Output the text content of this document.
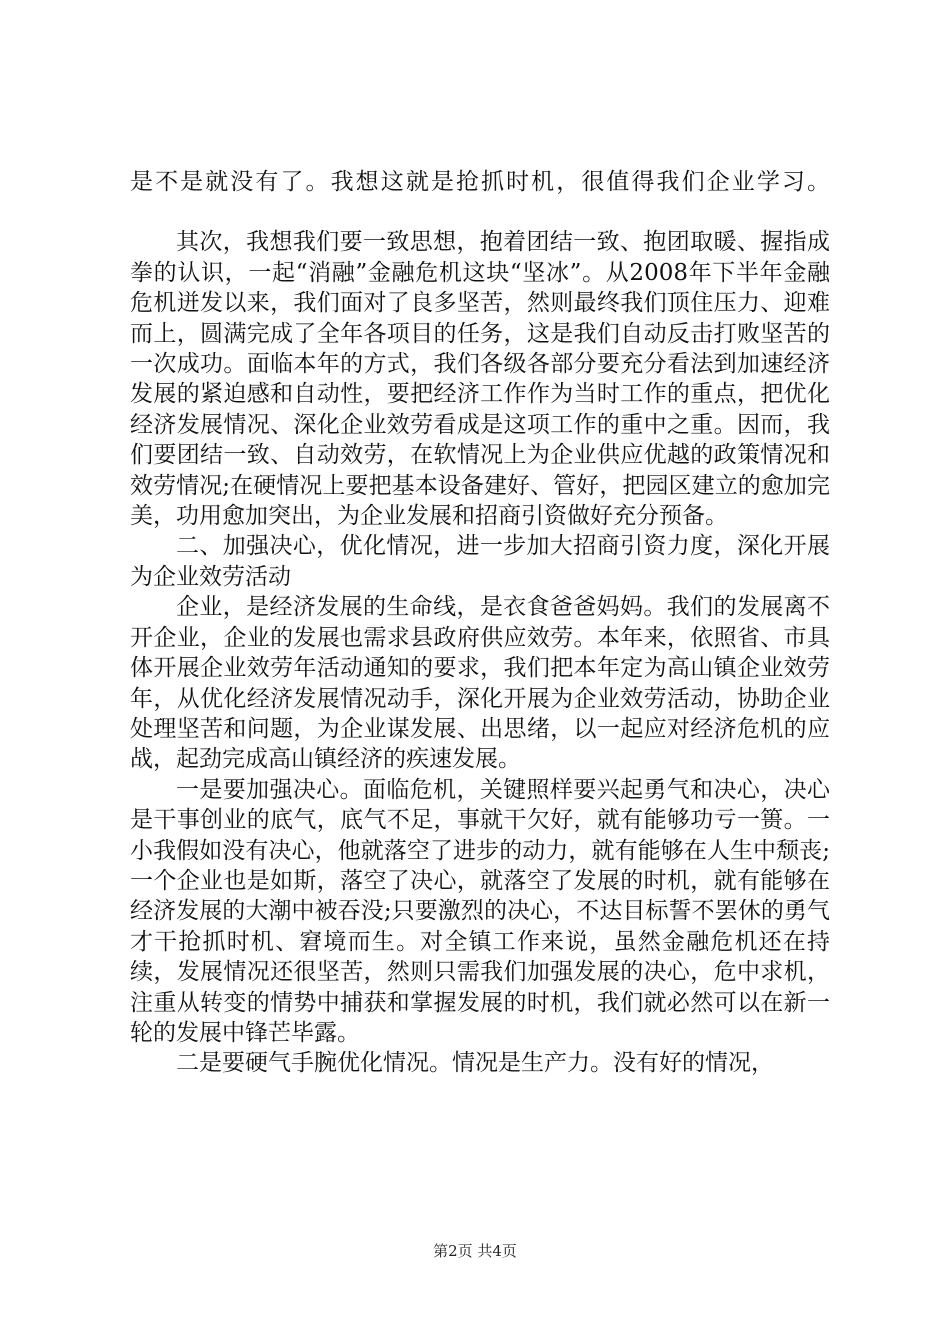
是不是就没有了。我想这就是抢抓时机，很值得我们企业学习。

其次，我想我们要一致思想，抱着团结一致、抱团取暖、握指成拳的认识，一起“消融”金融危机这块“坚冰”。从2008年下半年金融危机迸发以来，我们面对了良多坚苦，然则最终我们顶住压力、迎难而上，圆满完成了全年各项目的任务，这是我们自动反击打败坚苦的一次成功。面临本年的方式，我们各级各部分要充分看法到加速经济发展的紧迫感和自动性，要把经济工作作为当时工作的重点，把优化经济发展情况、深化企业效劳看成是这项工作的重中之重。因而，我们要团结一致、自动效劳，在软情况上为企业供应优越的政策情况和效劳情况;在硬情况上要把基本设备建好、管好，把园区建立的愈加完美，功用愈加突出，为企业发展和招商引资做好充分预备。

二、加强决心，优化情况，进一步加大招商引资力度，深化开展为企业效劳活动

企业，是经济发展的生命线，是衣食爸爸妈妈。我们的发展离不开企业，企业的发展也需求县政府供应效劳。本年来，依照省、市具体开展企业效劳年活动通知的要求，我们把本年定为高山镇企业效劳年，从优化经济发展情况动手，深化开展为企业效劳活动，协助企业处理坚苦和问题，为企业谋发展、出思绪，以一起应对经济危机的应战，起劲完成高山镇经济的疾速发展。

一是要加强决心。面临危机，关键照样要兴起勇气和决心，决心是干事创业的底气，底气不足，事就干欠好，就有能够功亏一篑。一小我假如没有决心，他就落空了进步的动力，就有能够在人生中颓丧;一个企业也是如斯，落空了决心，就落空了发展的时机，就有能够在经济发展的大潮中被吞没;只要激烈的决心，不达目标誓不罢休的勇气才干抢抓时机、窘境而生。对全镇工作来说，虽然金融危机还在持续，发展情况还很坚苦，然则只需我们加强发展的决心，危中求机，注重从转变的情势中捕获和掌握发展的时机，我们就必然可以在新一轮的发展中锋芒毕露。

二是要硬气手腕优化情况。情况是生产力。没有好的情况，

第2页 共4页
